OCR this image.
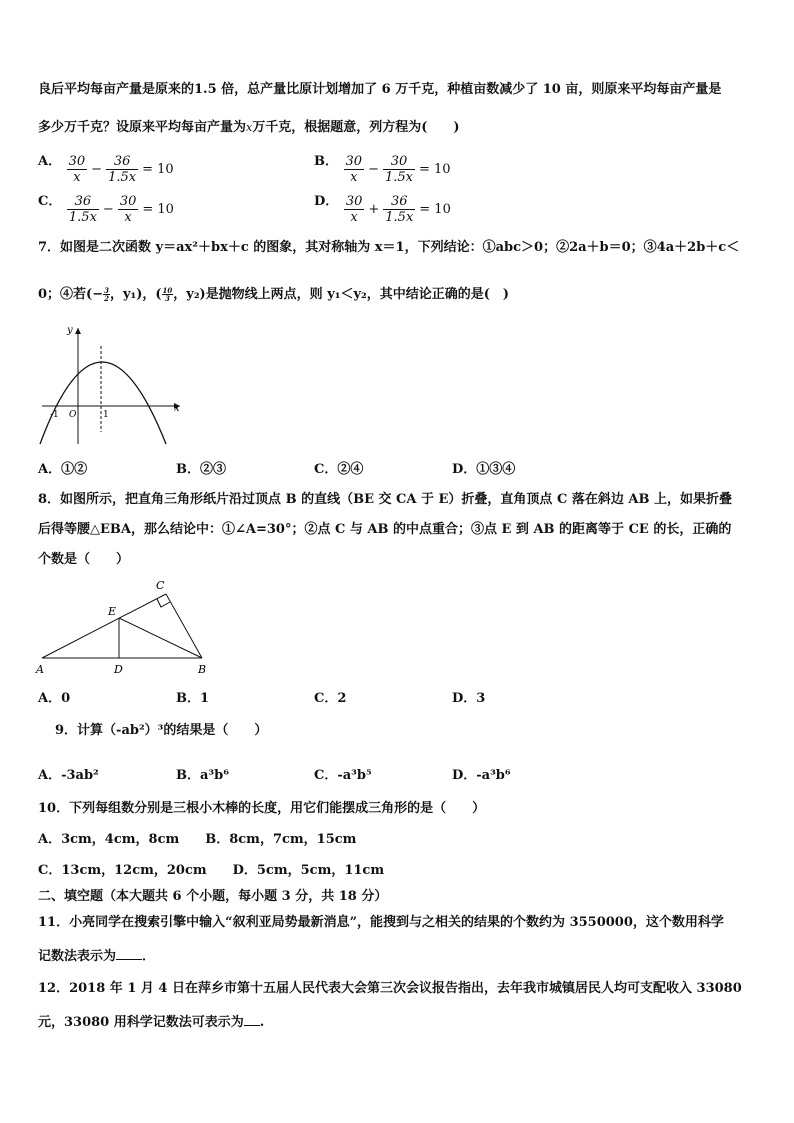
良后平均每亩产量是原来的1.5 倍，总产量比原计划增加了 6 万千克，种植亩数减少了 10 亩，则原来平均每亩产量是
多少万千克？设原来平均每亩产量为$^x$万千克，根据题意，列方程为(　　)
A． $\frac{30}{x} - \frac{36}{1.5x} = 10$
B． $\frac{30}{x} - \frac{30}{1.5x} = 10$
C． $\frac{36}{1.5x} - \frac{30}{x} = 10$
D． $\frac{30}{x} + \frac{36}{1.5x} = 10$
7．如图是二次函数 y＝ax²＋bx＋c 的图象，其对称轴为 x＝1，下列结论：①abc＞0；②2a＋b＝0；③4a＋2b＋c＜
0；④若(− $\frac{3}{2}$ ，y₁)，( $\frac{10}{3}$ ，y₂)是抛物线上两点，则 y₁＜y₂，其中结论正确的是(　)
y
x
O
-1	1
A．①②	B．②③	C．②④	D．①③④
8．如图所示，把直角三角形纸片沿过顶点 B 的直线（BE 交 CA 于 E）折叠，直角顶点 C 落在斜边 AB 上，如果折叠
后得等腰△EBA，那么结论中：①∠A=30°；②点 C 与 AB 的中点重合；③点 E 到 AB 的距离等于 CE 的长，正确的
个数是（　　）
A	B
C
D
E
A．0	B．1	C．2	D．3
9．计算（-ab²）³的结果是（　　）
A．-3ab²	B．a³b⁶	C．-a³b⁵	D．-a³b⁶
10．下列每组数分别是三根小木棒的长度，用它们能摆成三角形的是（　　）
A．3cm，4cm，8cm　　B．8cm，7cm，15cm
C．13cm，12cm，20cm　　D．5cm，5cm，11cm
二、填空题（本大题共 6 个小题，每小题 3 分，共 18 分）
11．小亮同学在搜索引擎中输入“叙利亚局势最新消息”，能搜到与之相关的结果的个数约为 3550000，这个数用科学
记数法表示为 ．
12．2018 年 1 月 4 日在萍乡市第十五届人民代表大会第三次会议报告指出，去年我市城镇居民人均可支配收入 33080
元，33080 用科学记数法可表示为 .
